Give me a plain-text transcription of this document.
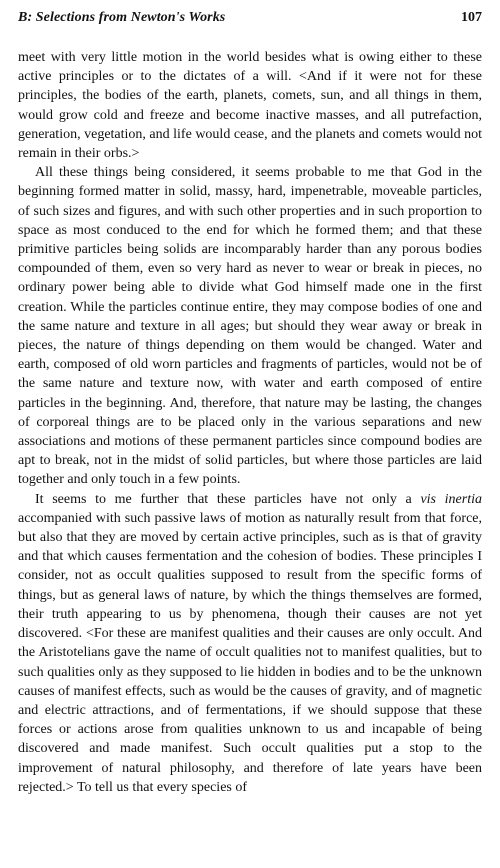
B: Selections from Newton's Works	107

meet with very little motion in the world besides what is owing either to these active principles or to the dictates of a will. <And if it were not for these principles, the bodies of the earth, planets, comets, sun, and all things in them, would grow cold and freeze and become inactive masses, and all putrefaction, generation, vegetation, and life would cease, and the planets and comets would not remain in their orbs.>

All these things being considered, it seems probable to me that God in the beginning formed matter in solid, massy, hard, impenetrable, moveable particles, of such sizes and figures, and with such other properties and in such proportion to space as most conduced to the end for which he formed them; and that these primitive particles being solids are incomparably harder than any porous bodies compounded of them, even so very hard as never to wear or break in pieces, no ordinary power being able to divide what God himself made one in the first creation. While the particles continue entire, they may compose bodies of one and the same nature and texture in all ages; but should they wear away or break in pieces, the nature of things depending on them would be changed. Water and earth, composed of old worn particles and fragments of particles, would not be of the same nature and texture now, with water and earth composed of entire particles in the beginning. And, therefore, that nature may be lasting, the changes of corporeal things are to be placed only in the various separations and new associations and motions of these permanent particles since compound bodies are apt to break, not in the midst of solid particles, but where those particles are laid together and only touch in a few points.

It seems to me further that these particles have not only a vis inertia accompanied with such passive laws of motion as naturally result from that force, but also that they are moved by certain active principles, such as is that of gravity and that which causes fermentation and the cohesion of bodies. These principles I consider, not as occult qualities supposed to result from the specific forms of things, but as general laws of nature, by which the things themselves are formed, their truth appearing to us by phenomena, though their causes are not yet discovered. <For these are manifest qualities and their causes are only occult. And the Aristotelians gave the name of occult qualities not to manifest qualities, but to such qualities only as they supposed to lie hidden in bodies and to be the unknown causes of manifest effects, such as would be the causes of gravity, and of magnetic and electric attractions, and of fermentations, if we should suppose that these forces or actions arose from qualities unknown to us and incapable of being discovered and made manifest. Such occult qualities put a stop to the improvement of natural philosophy, and therefore of late years have been rejected.> To tell us that every species of
